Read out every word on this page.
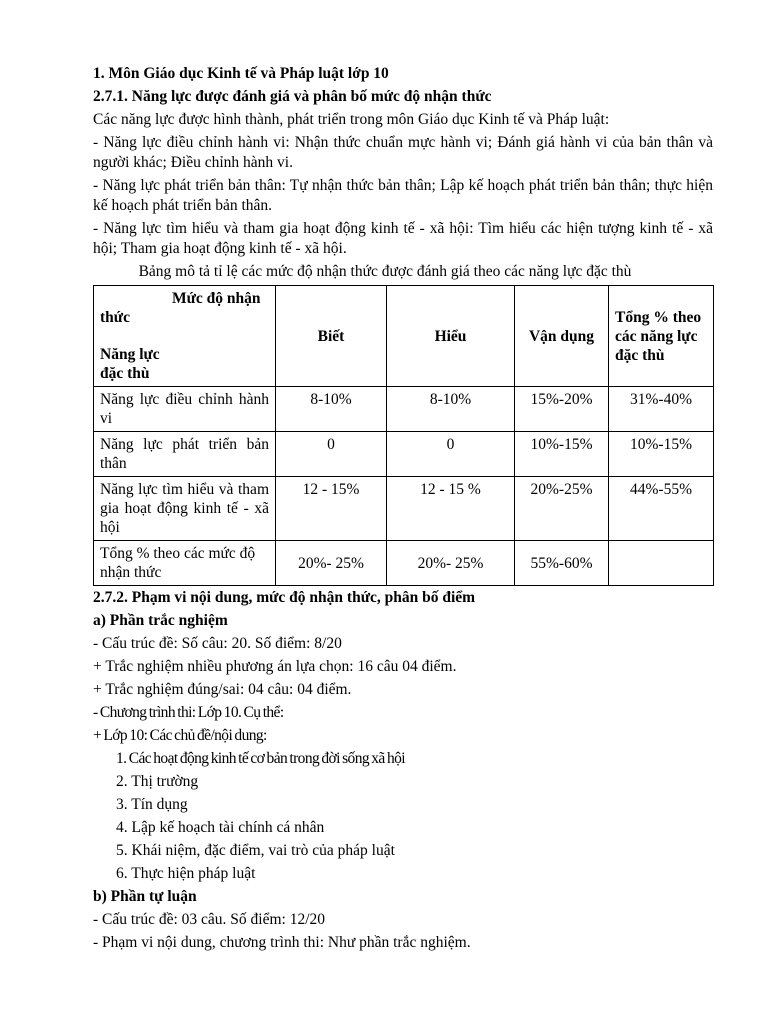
1. Môn Giáo dục Kinh tế và Pháp luật lớp 10
2.7.1. Năng lực được đánh giá và phân bố mức độ nhận thức
Các năng lực được hình thành, phát triển trong môn Giáo dục Kinh tế và Pháp luật:
- Năng lực điều chỉnh hành vi: Nhận thức chuẩn mực hành vi; Đánh giá hành vi của bản thân và người khác; Điều chỉnh hành vi.
- Năng lực phát triển bản thân: Tự nhận thức bản thân; Lập kế hoạch phát triển bản thân; thực hiện kế hoạch phát triển bản thân.
- Năng lực tìm hiểu và tham gia hoạt động kinh tế - xã hội: Tìm hiểu các hiện tượng kinh tế - xã hội; Tham gia hoạt động kinh tế - xã hội.
Bảng mô tả tỉ lệ các mức độ nhận thức được đánh giá theo các năng lực đặc thù
Mức độ nhận
thức
Năng lực
đặc thù	Biết	Hiểu	Vận dụng	Tổng % theo các năng lực đặc thù
Năng lực điều chỉnh hành vi	8-10%	8-10%	15%-20%	31%-40%
Năng lực phát triển bản thân	0	0	10%-15%	10%-15%
Năng lực tìm hiểu và tham gia hoạt động kinh tế - xã hội	12 - 15%	12 - 15 %	20%-25%	44%-55%
Tổng % theo các mức độ nhận thức	20%- 25%	20%- 25%	55%-60%	
2.7.2. Phạm vi nội dung, mức độ nhận thức, phân bố điểm
a) Phần trắc nghiệm
- Cấu trúc đề: Số câu: 20. Số điểm: 8/20
+ Trắc nghiệm nhiều phương án lựa chọn: 16 câu 04 điểm.
+ Trắc nghiệm đúng/sai: 04 câu: 04 điểm.
- Chương trình thi: Lớp 10. Cụ thể:
+ Lớp 10: Các chủ đề/nội dung:
1. Các hoạt động kinh tế cơ bản trong đời sống xã hội
2. Thị trường
3. Tín dụng
4. Lập kế hoạch tài chính cá nhân
5. Khái niệm, đặc điểm, vai trò của pháp luật
6. Thực hiện pháp luật
b) Phần tự luận
- Cấu trúc đề: 03 câu. Số điểm: 12/20
- Phạm vi nội dung, chương trình thi: Như phần trắc nghiệm.
